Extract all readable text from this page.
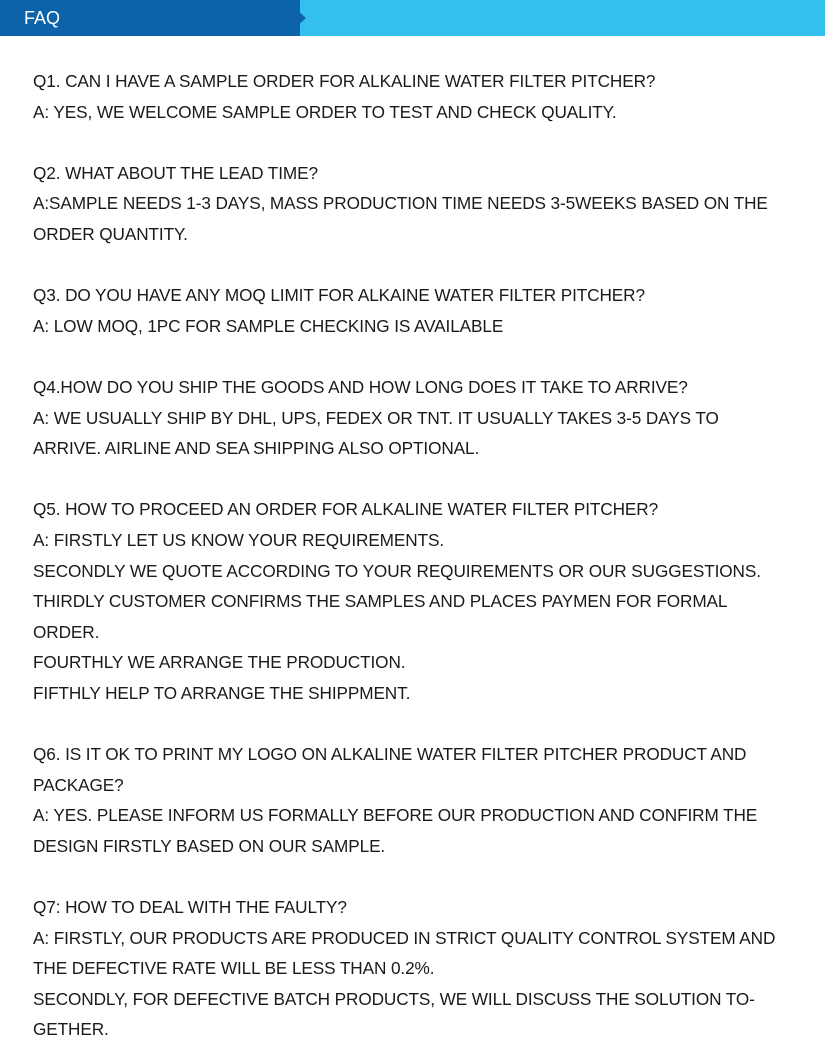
FAQ
Q1. CAN I HAVE A SAMPLE ORDER FOR ALKALINE WATER FILTER PITCHER?
A: YES, WE WELCOME SAMPLE ORDER TO TEST AND CHECK QUALITY.
Q2. WHAT ABOUT THE LEAD TIME?
A:SAMPLE NEEDS 1-3 DAYS, MASS PRODUCTION TIME NEEDS 3-5WEEKS BASED ON THE
ORDER QUANTITY.
Q3. DO YOU HAVE ANY MOQ LIMIT FOR ALKAINE WATER FILTER PITCHER?
A: LOW MOQ, 1PC FOR SAMPLE CHECKING IS AVAILABLE
Q4.HOW DO YOU SHIP THE GOODS AND HOW LONG DOES IT TAKE TO ARRIVE?
A: WE USUALLY SHIP BY DHL, UPS, FEDEX OR TNT. IT USUALLY TAKES 3-5 DAYS TO
ARRIVE. AIRLINE AND SEA SHIPPING ALSO OPTIONAL.
Q5. HOW TO PROCEED AN ORDER FOR ALKALINE WATER FILTER PITCHER?
A: FIRSTLY LET US KNOW YOUR REQUIREMENTS.
SECONDLY WE QUOTE ACCORDING TO YOUR REQUIREMENTS OR OUR SUGGESTIONS.
THIRDLY CUSTOMER CONFIRMS THE SAMPLES AND PLACES PAYMEN FOR FORMAL
ORDER.
FOURTHLY WE ARRANGE THE PRODUCTION.
FIFTHLY HELP TO ARRANGE THE SHIPPMENT.
Q6. IS IT OK TO PRINT MY LOGO ON ALKALINE WATER FILTER PITCHER PRODUCT AND
PACKAGE?
A: YES. PLEASE INFORM US FORMALLY BEFORE OUR PRODUCTION AND CONFIRM THE
DESIGN FIRSTLY BASED ON OUR SAMPLE.
Q7: HOW TO DEAL WITH THE FAULTY?
A: FIRSTLY, OUR PRODUCTS ARE PRODUCED IN STRICT QUALITY CONTROL SYSTEM AND
THE DEFECTIVE RATE WILL BE LESS THAN 0.2%.
SECONDLY, FOR DEFECTIVE BATCH PRODUCTS, WE WILL DISCUSS THE SOLUTION TO-
GETHER.
